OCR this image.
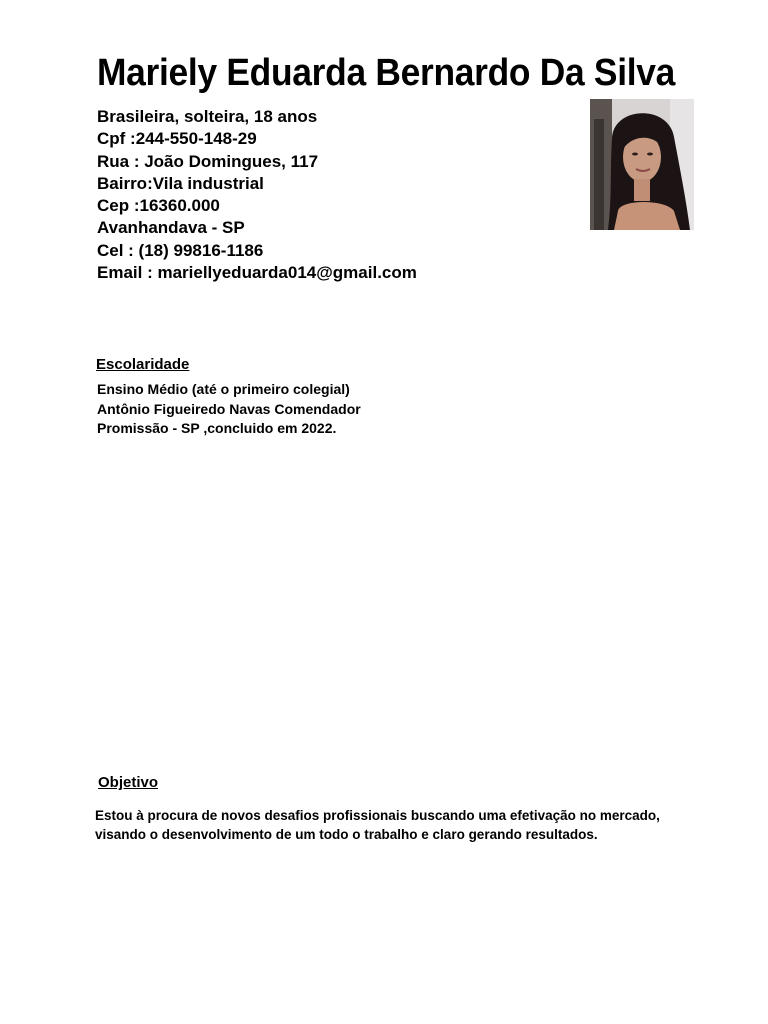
Mariely Eduarda Bernardo Da Silva
Brasileira, solteira, 18 anos
Cpf :244-550-148-29
Rua : João Domingues, 117
Bairro:Vila industrial
Cep :16360.000
Avanhandava - SP
Cel : (18) 99816-1186
Email : mariellyeduarda014@gmail.com
Escolaridade
Ensino Médio (até o primeiro colegial)
Antônio Figueiredo Navas Comendador
Promissão - SP ,concluido em 2022.
Objetivo
Estou à procura de novos desafios profissionais buscando uma efetivação no mercado,
visando o desenvolvimento de um todo o trabalho e claro gerando resultados.
